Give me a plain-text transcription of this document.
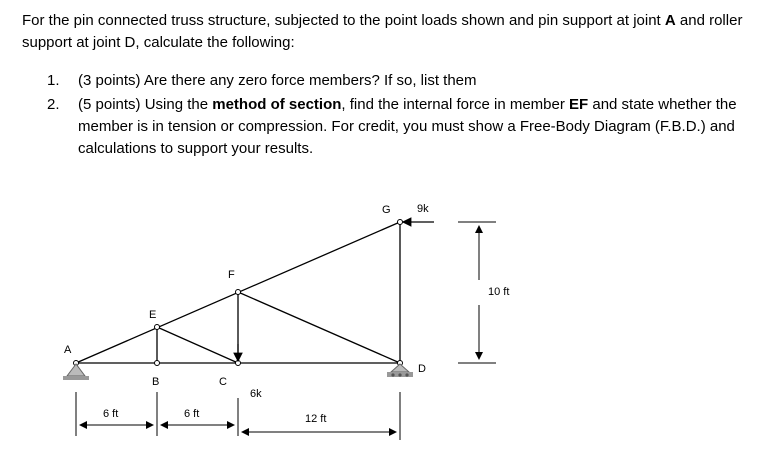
For the pin connected truss structure, subjected to the point loads shown and pin support at joint A and roller support at joint D, calculate the following:
1. (3 points) Are there any zero force members? If so, list them
2. (5 points) Using the method of section, find the internal force in member EF and state whether the member is in tension or compression. For credit, you must show a Free-Body Diagram (F.B.D.) and calculations to support your results.
A
B	C
D
E
F
G 9k
6k
6 ft	6 ft	12 ft
10 ft
